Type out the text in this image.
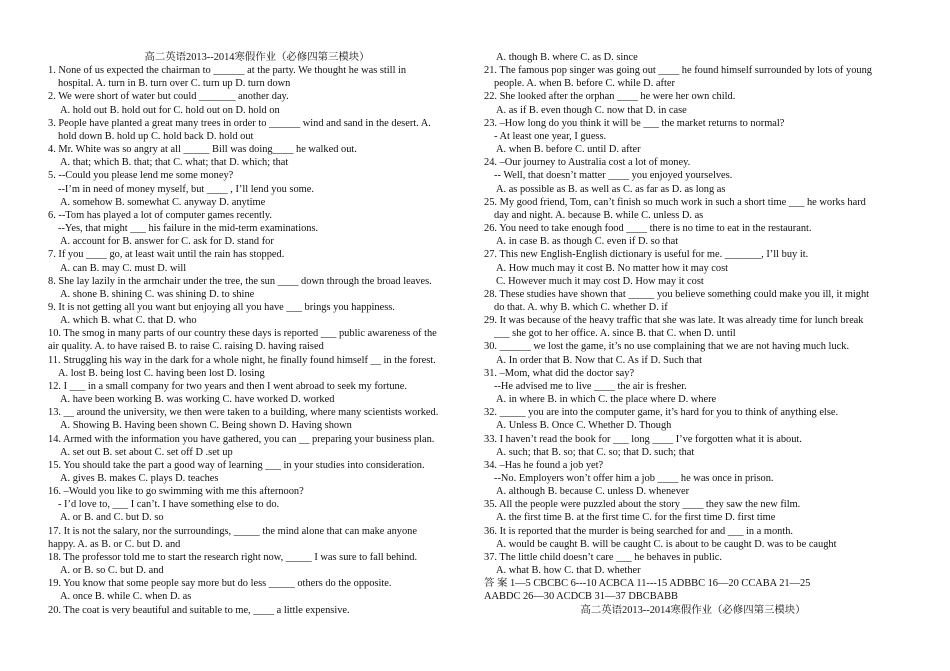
高二英语2013--2014寒假作业（必修四第三模块）
1. None of us expected the chairman to ______ at the party. We thought he was still in
hospital. A. turn in B. turn over C. turn up D. turn down
2. We were short of water but could _______ another day.
A. hold out B. hold out for C. hold out on D. hold on
3. People have planted a great many trees in order to ______ wind and sand in the desert. A.
hold down B. hold up C. hold back D. hold out
4. Mr. White was so angry at all _____ Bill was doing____ he walked out.
A. that; which B. that; that C. what; that D. which; that
5. --Could you please lend me some money?
--I’m in need of money myself, but ____ , I’ll lend you some.
A. somehow B. somewhat C. anyway D. anytime
6. --Tom has played a lot of computer games recently.
--Yes, that might ___ his failure in the mid-term examinations.
A. account for B. answer for C. ask for D. stand for
7. If you ____ go, at least wait until the rain has stopped.
A. can B. may C. must D. will
8. She lay lazily in the armchair under the tree, the sun ____ down through the broad leaves.
A. shone B. shining C. was shining D. to shine
9. It is not getting all you want but enjoying all you have ___ brings you happiness.
A. which B. what C. that D. who
10. The smog in many parts of our country these days is reported ___ public awareness of the
air quality. A. to have raised B. to raise C. raising D. having raised
11. Struggling his way in the dark for a whole night, he finally found himself __ in the forest.
A. lost B. being lost C. having been lost D. losing
12. I ___ in a small company for two years and then I went abroad to seek my fortune.
A. have been working B. was working C. have worked D. worked
13. __ around the university, we then were taken to a building, where many scientists worked.
A. Showing B. Having been shown C. Being shown D. Having shown
14. Armed with the information you have gathered, you can __ preparing your business plan.
A. set out B. set about C. set off D .set up
15. You should take the part a good way of learning ___ in your studies into consideration.
A. gives B. makes C. plays D. teaches
16. –Would you like to go swimming with me this afternoon?
- I’d love to, ___ I can’t. I have something else to do.
A. or B. and C. but D. so
17. It is not the salary, nor the surroundings, _____ the mind alone that can make anyone
happy. A. as B. or C. but D. and
18. The professor told me to start the research right now, _____ I was sure to fall behind.
A. or B. so C. but D. and
19. You know that some people say more but do less _____ others do the opposite.
A. once B. while C. when D. as
20. The coat is very beautiful and suitable to me, ____ a little expensive.
A. though B. where C. as D. since
21. The famous pop singer was going out ____ he found himself surrounded by lots of young
people. A. when B. before C. while D. after
22. She looked after the orphan ____ he were her own child.
A. as if B. even though C. now that D. in case
23. –How long do you think it will be ___ the market returns to normal?
- At least one year, I guess.
A. when B. before C. until D. after
24. –Our journey to Australia cost a lot of money.
-- Well, that doesn’t matter ____ you enjoyed yourselves.
A. as possible as B. as well as C. as far as D. as long as
25. My good friend, Tom, can’t finish so much work in such a short time ___ he works hard
day and night. A. because B. while C. unless D. as
26. You need to take enough food ____ there is no time to eat in the restaurant.
A. in case B. as though C. even if D. so that
27. This new English-English dictionary is useful for me. _______, I’ll buy it.
A. How much may it cost B. No matter how it may cost
C. However much it may cost D. How may it cost
28. These studies have shown that _____ you believe something could make you ill, it might
do that. A. why B. which C. whether D. if
29. It was because of the heavy traffic that she was late. It was already time for lunch break
___ she got to her office. A. since B. that C. when D. until
30. ______ we lost the game, it’s no use complaining that we are not having much luck.
A. In order that B. Now that C. As if D. Such that
31. –Mom, what did the doctor say?
--He advised me to live ____ the air is fresher.
A. in where B. in which C. the place where D. where
32. _____ you are into the computer game, it’s hard for you to think of anything else.
A. Unless B. Once C. Whether D. Though
33. I haven’t read the book for ___ long ____ I’ve forgotten what it is about.
A. such; that B. so; that C. so; that D. such; that
34. –Has he found a job yet?
--No. Employers won’t offer him a job ____ he was once in prison.
A. although B. because C. unless D. whenever
35. All the people were puzzled about the story ____ they saw the new film.
A. the first time B. at the first time C. for the first time D. first time
36. It is reported that the murder is being searched for and ___ in a month.
A. would be caught B. will be caught C. is about to be caught D. was to be caught
37. The little child doesn’t care ___ he behaves in public.
A. what B. how C. that D. whether
答 案 1—5 CBCBC 6---10 ACBCA 11---15 ADBBC 16—20 CCABA 21—25
AABDC 26—30 ACDCB 31—37 DBCBABB
高二英语2013--2014寒假作业（必修四第三模块）
